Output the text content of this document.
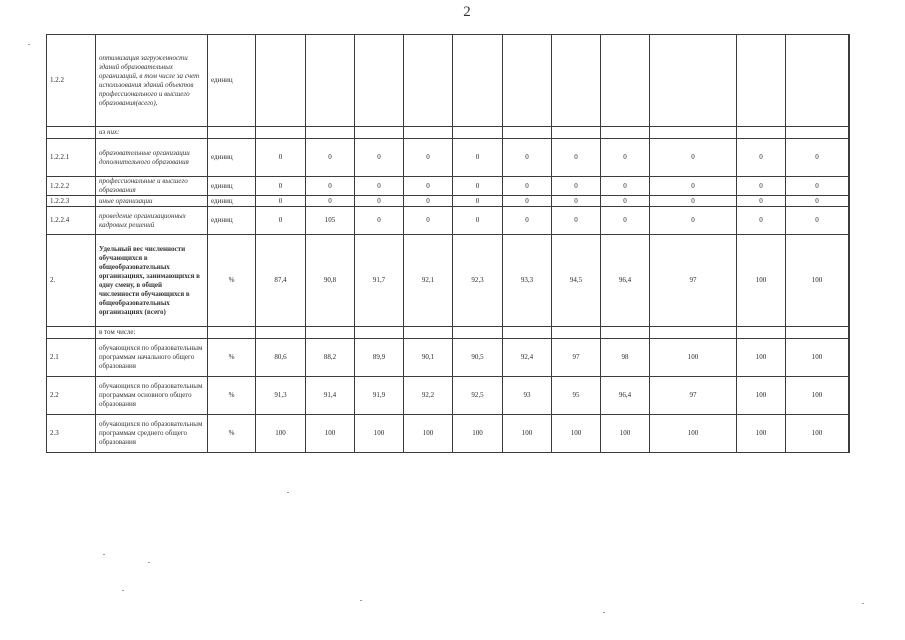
2
1.2.2	оптимизация загруженности зданий образовательных организаций, в том числе за счет использования зданий объектов профессионального и высшего образования(всего),	единиц												
	из них:													
1.2.2.1	образовательные организации дополнительного образования	единиц	0	0	0	0	0	0	0	0	0	0	0	
1.2.2.2	профессиональные и высшего образования	единиц	0	0	0	0	0	0	0	0	0	0	0	
1.2.2.3	иные организации	единиц	0	0	0	0	0	0	0	0	0	0	0	
1.2.2.4	проведение организационных кадровых решений	единиц	0	105	0	0	0	0	0	0	0	0	0	
2.	Удельный вес численности обучающихся в общеобразовательных организациях, занимающихся в одну смену, в общей численности обучающихся в общеобразовательных организациях (всего)	%	87,4	90,8	91,7	92,1	92,3	93,3	94,5	96,4	97	100	100	
	в том числе:													
2.1	обучающихся по образовательным программам начального общего образования	%	80,6	88,2	89,9	90,1	90,5	92,4	97	98	100	100	100	
2.2	обучающихся по образовательным программам основного общего образования	%	91,3	91,4	91,9	92,2	92,5	93	95	96,4	97	100	100	
2.3	обучающихся по образовательным программам среднего общего образования	%	100	100	100	100	100	100	100	100	100	100	100	
